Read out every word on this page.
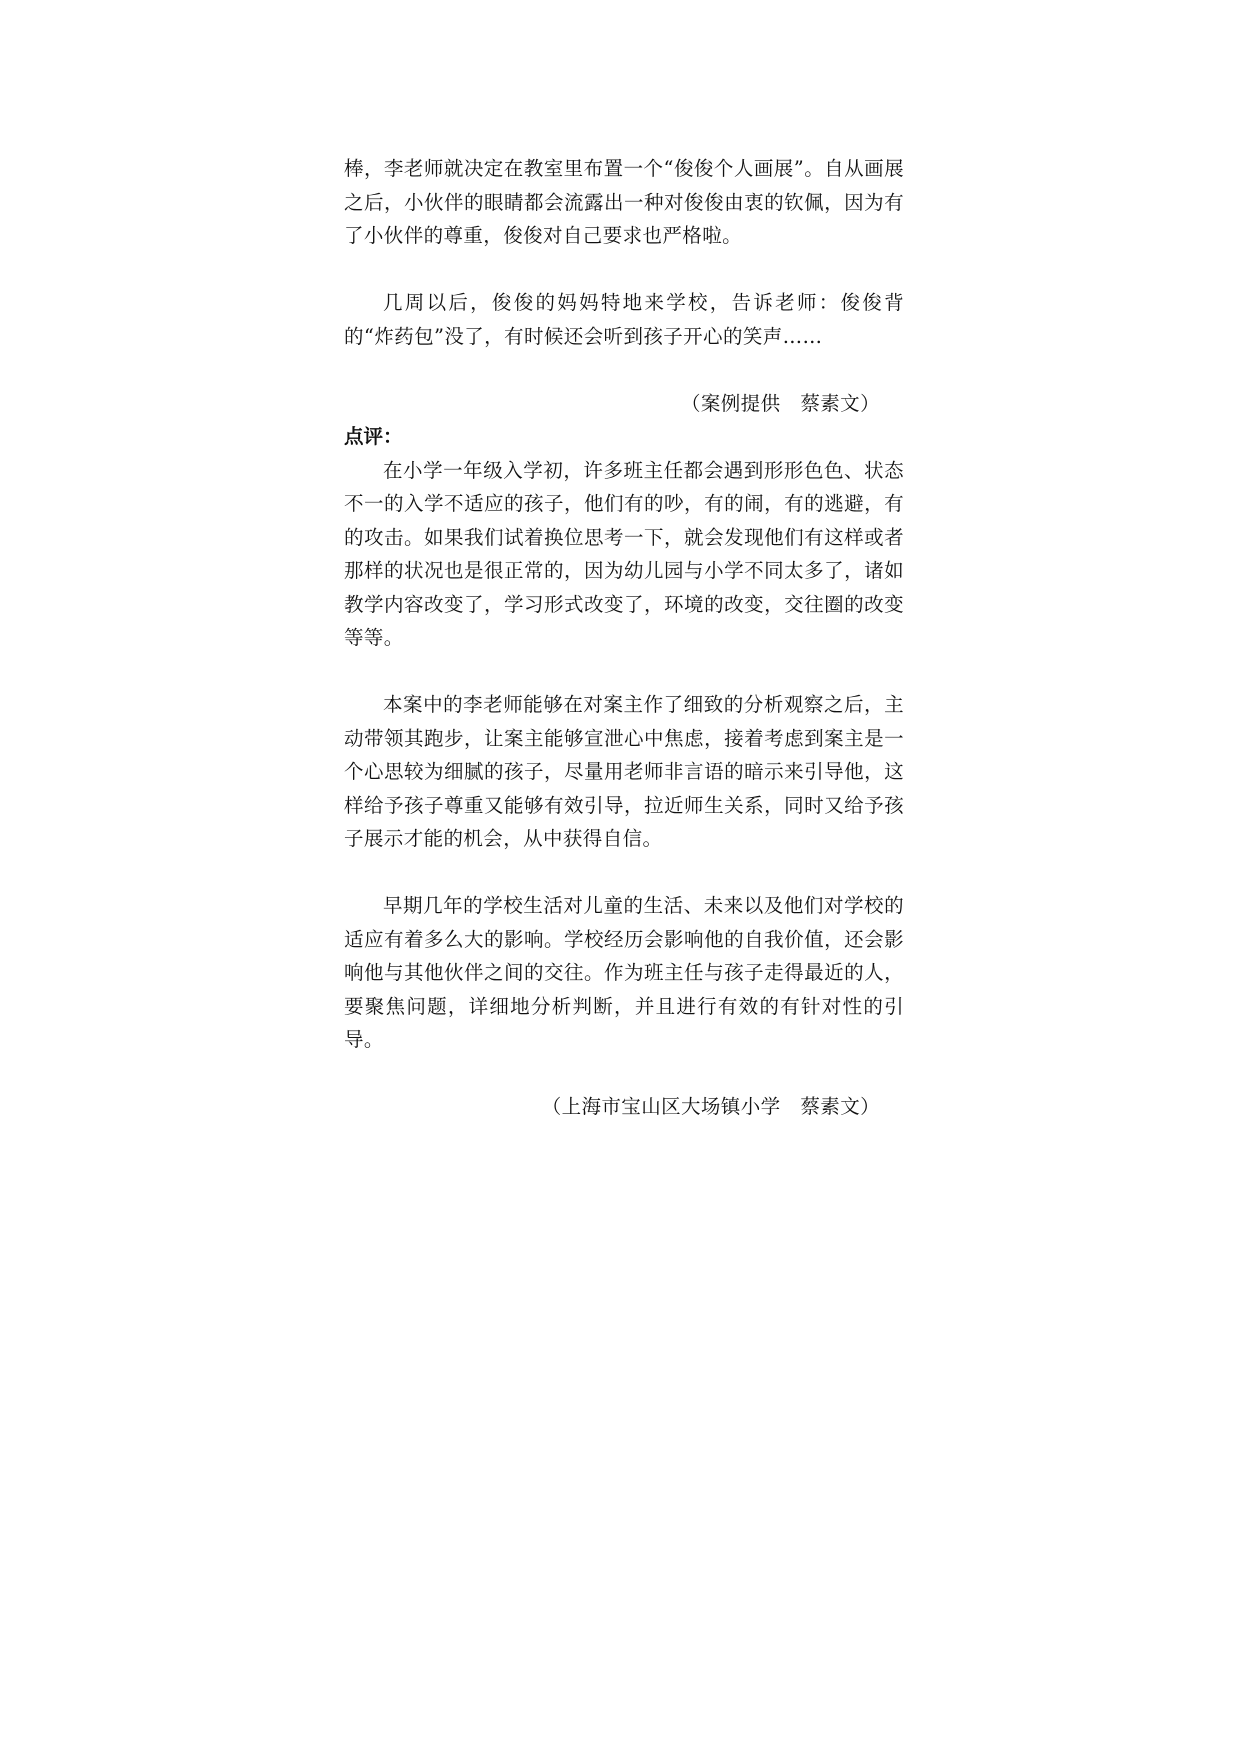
棒，李老师就决定在教室里布置一个“俊俊个人画展”。自从画展之后，小伙伴的眼睛都会流露出一种对俊俊由衷的钦佩，因为有了小伙伴的尊重，俊俊对自己要求也严格啦。

几周以后，俊俊的妈妈特地来学校，告诉老师：俊俊背的“炸药包”没了，有时候还会听到孩子开心的笑声……

（案例提供　蔡素文）

点评：

在小学一年级入学初，许多班主任都会遇到形形色色、状态不一的入学不适应的孩子，他们有的吵，有的闹，有的逃避，有的攻击。如果我们试着换位思考一下，就会发现他们有这样或者那样的状况也是很正常的，因为幼儿园与小学不同太多了，诸如教学内容改变了，学习形式改变了，环境的改变，交往圈的改变等等。

本案中的李老师能够在对案主作了细致的分析观察之后，主动带领其跑步，让案主能够宣泄心中焦虑，接着考虑到案主是一个心思较为细腻的孩子，尽量用老师非言语的暗示来引导他，这样给予孩子尊重又能够有效引导，拉近师生关系，同时又给予孩子展示才能的机会，从中获得自信。

早期几年的学校生活对儿童的生活、未来以及他们对学校的适应有着多么大的影响。学校经历会影响他的自我价值，还会影响他与其他伙伴之间的交往。作为班主任与孩子走得最近的人，要聚焦问题，详细地分析判断，并且进行有效的有针对性的引导。

（上海市宝山区大场镇小学　蔡素文）
